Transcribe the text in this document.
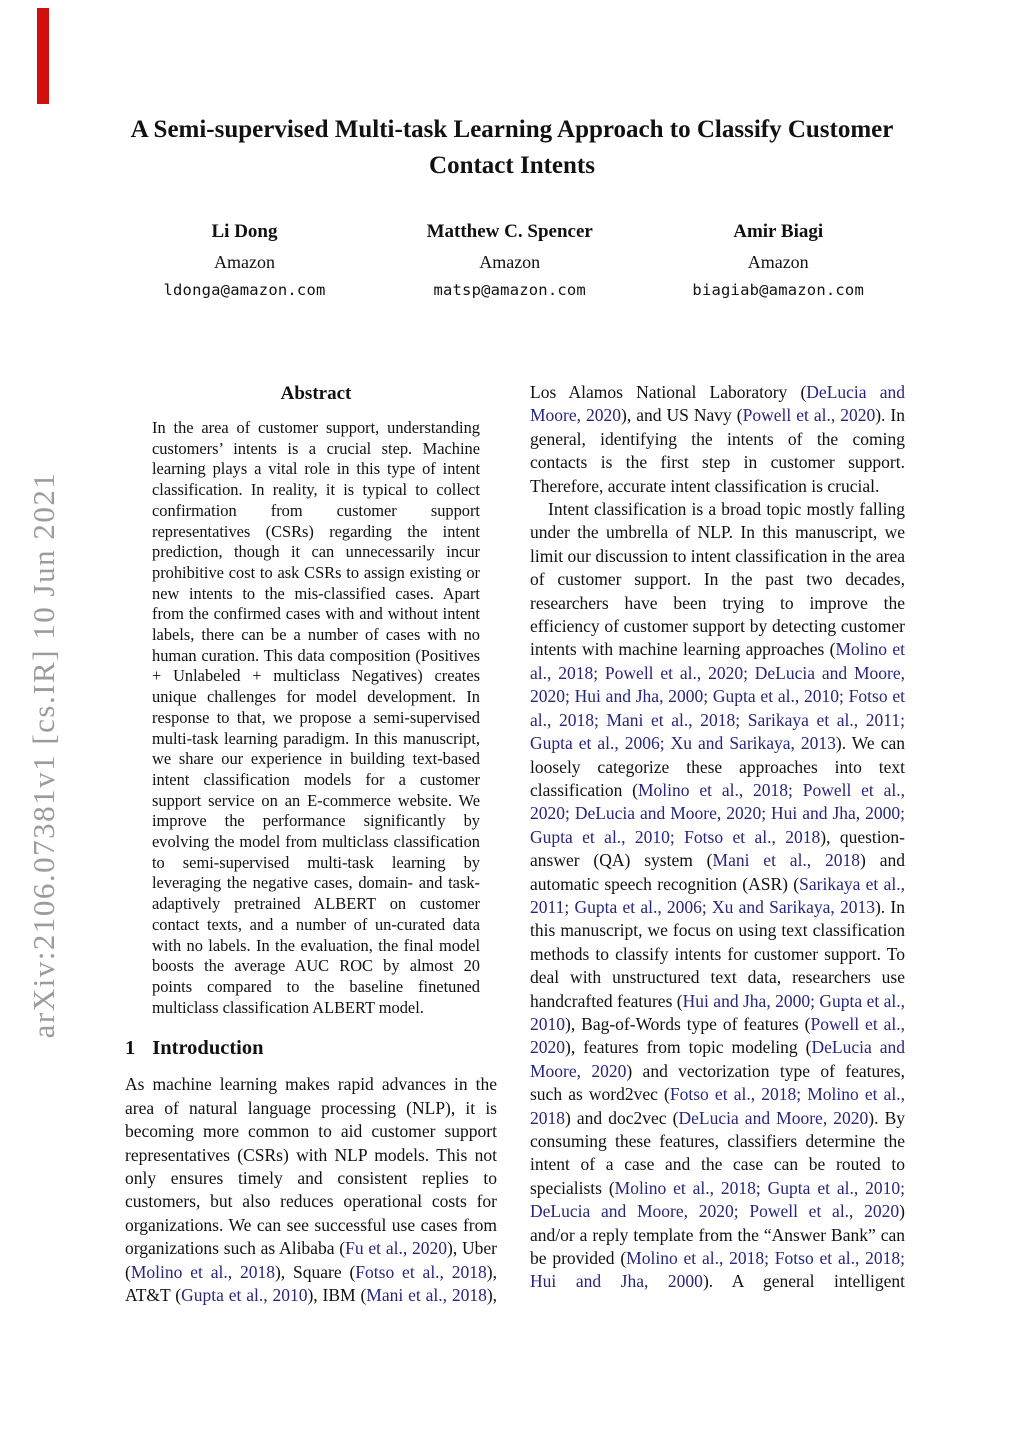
arXiv:2106.07381v1 [cs.IR] 10 Jun 2021
A Semi-supervised Multi-task Learning Approach to Classify Customer
Contact Intents
Li Dong
Amazon
ldonga@amazon.com
Matthew C. Spencer
Amazon
matsp@amazon.com
Amir Biagi
Amazon
biagiab@amazon.com
Abstract
In the area of customer support, understanding customers’ intents is a crucial step. Machine learning plays a vital role in this type of intent classification. In reality, it is typical to collect confirmation from customer support representatives (CSRs) regarding the intent prediction, though it can unnecessarily incur prohibitive cost to ask CSRs to assign existing or new intents to the mis-classified cases. Apart from the confirmed cases with and without intent labels, there can be a number of cases with no human curation. This data composition (Positives + Unlabeled + multiclass Negatives) creates unique challenges for model development. In response to that, we propose a semi-supervised multi-task learning paradigm. In this manuscript, we share our experience in building text-based intent classification models for a customer support service on an E-commerce website. We improve the performance significantly by evolving the model from multiclass classification to semi-supervised multi-task learning by leveraging the negative cases, domain- and task-adaptively pretrained ALBERT on customer contact texts, and a number of un-curated data with no labels. In the evaluation, the final model boosts the average AUC ROC by almost 20 points compared to the baseline finetuned multiclass classification ALBERT model.
1 Introduction

As machine learning makes rapid advances in the area of natural language processing (NLP), it is becoming more common to aid customer support representatives (CSRs) with NLP models. This not only ensures timely and consistent replies to customers, but also reduces operational costs for organizations. We can see successful use cases from organizations such as Alibaba (Fu et al., 2020), Uber (Molino et al., 2018), Square (Fotso et al., 2018), AT&T (Gupta et al., 2010), IBM (Mani et al., 2018),

Los Alamos National Laboratory (DeLucia and Moore, 2020), and US Navy (Powell et al., 2020). In general, identifying the intents of the coming contacts is the first step in customer support. Therefore, accurate intent classification is crucial.

Intent classification is a broad topic mostly falling under the umbrella of NLP. In this manuscript, we limit our discussion to intent classification in the area of customer support. In the past two decades, researchers have been trying to improve the efficiency of customer support by detecting customer intents with machine learning approaches (Molino et al., 2018; Powell et al., 2020; DeLucia and Moore, 2020; Hui and Jha, 2000; Gupta et al., 2010; Fotso et al., 2018; Mani et al., 2018; Sarikaya et al., 2011; Gupta et al., 2006; Xu and Sarikaya, 2013). We can loosely categorize these approaches into text classification (Molino et al., 2018; Powell et al., 2020; DeLucia and Moore, 2020; Hui and Jha, 2000; Gupta et al., 2010; Fotso et al., 2018), question-answer (QA) system (Mani et al., 2018) and automatic speech recognition (ASR) (Sarikaya et al., 2011; Gupta et al., 2006; Xu and Sarikaya, 2013). In this manuscript, we focus on using text classification methods to classify intents for customer support. To deal with unstructured text data, researchers use handcrafted features (Hui and Jha, 2000; Gupta et al., 2010), Bag-of-Words type of features (Powell et al., 2020), features from topic modeling (DeLucia and Moore, 2020) and vectorization type of features, such as word2vec (Fotso et al., 2018; Molino et al., 2018) and doc2vec (DeLucia and Moore, 2020). By consuming these features, classifiers determine the intent of a case and the case can be routed to specialists (Molino et al., 2018; Gupta et al., 2010; DeLucia and Moore, 2020; Powell et al., 2020) and/or a reply template from the “Answer Bank” can be provided (Molino et al., 2018; Fotso et al., 2018; Hui and Jha, 2000). A general intelligent
